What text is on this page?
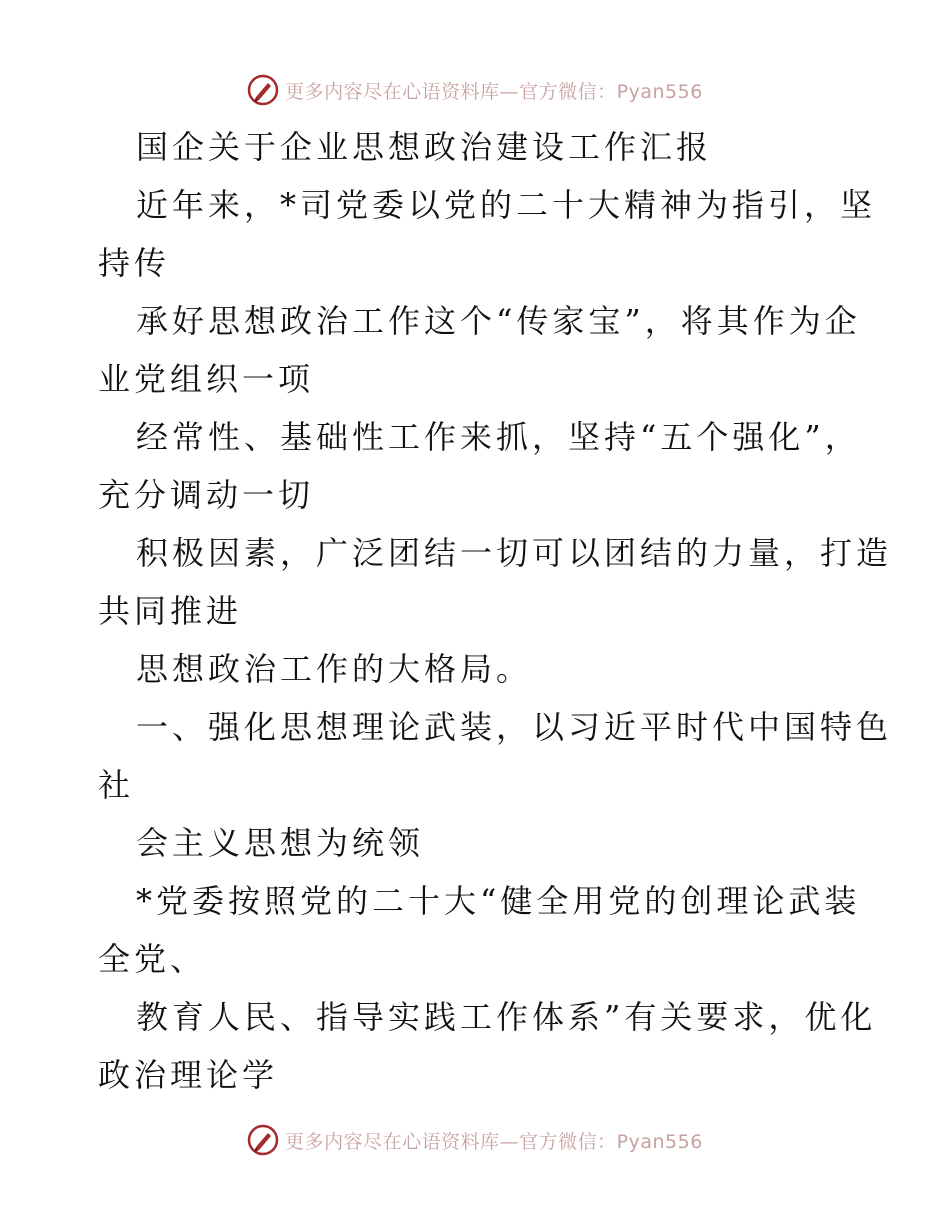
更多内容尽在心语资料库—官方微信：Pyan556
国企关于企业思想政治建设工作汇报
近年来，*司党委以党的二十大精神为指引，坚
持传
承好思想政治工作这个“传家宝”，将其作为企
业党组织一项
经常性、基础性工作来抓，坚持“五个强化”，
充分调动一切
积极因素，广泛团结一切可以团结的力量，打造
共同推进
思想政治工作的大格局。
一、强化思想理论武装，以习近平时代中国特色
社
会主义思想为统领
*党委按照党的二十大“健全用党的创理论武装
全党、
教育人民、指导实践工作体系”有关要求，优化
政治理论学
更多内容尽在心语资料库—官方微信：Pyan556
